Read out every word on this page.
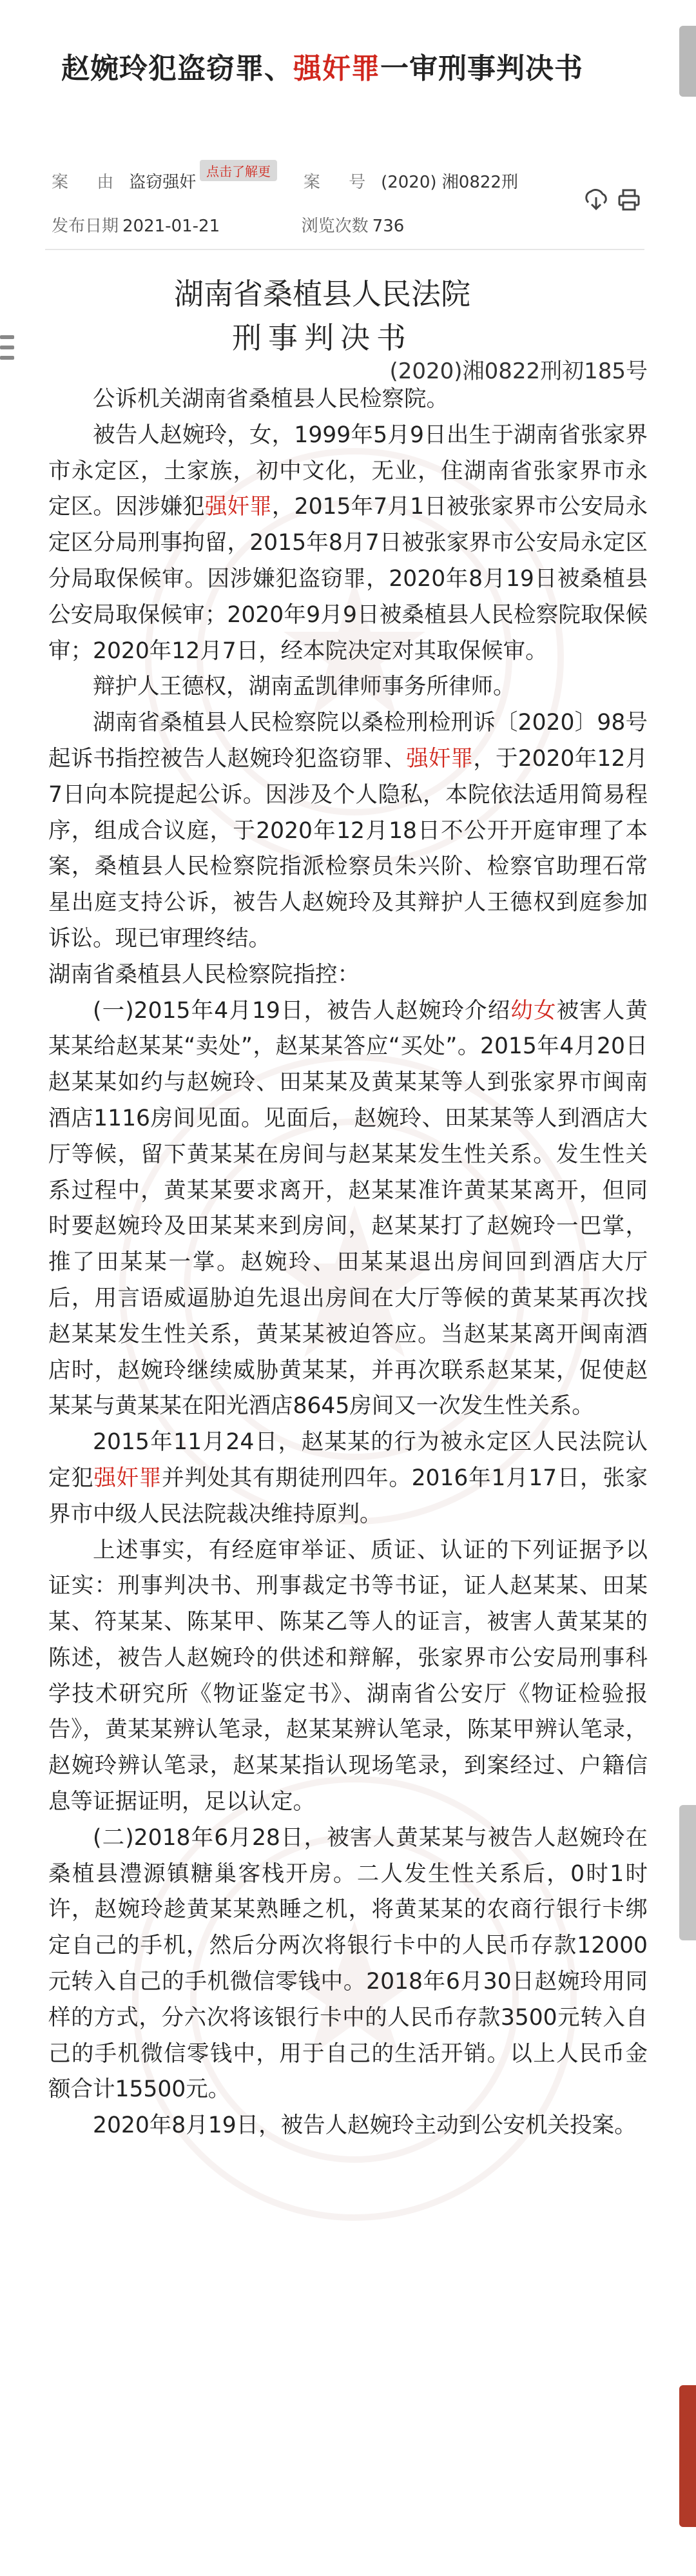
赵婉玲犯盗窃罪、强奸罪一审刑事判决书
案 由 盗窃强奸	案 号 (2020) 湘0822刑
点击了解更
发布日期 2021-01-21	浏览次数 736

湖南省桑植县人民法院
刑事判决书
(2020)湘0822刑初185号

公诉机关湖南省桑植县人民检察院。

被告人赵婉玲，女，1999年5月9日出生于湖南省张家界市永定区，土家族，初中文化，无业，住湖南省张家界市永定区。因涉嫌犯强奸罪，2015年7月1日被张家界市公安局永定区分局刑事拘留，2015年8月7日被张家界市公安局永定区分局取保候审。因涉嫌犯盗窃罪，2020年8月19日被桑植县公安局取保候审；2020年9月9日被桑植县人民检察院取保候审；2020年12月7日，经本院决定对其取保候审。

辩护人王德权，湖南孟凯律师事务所律师。

湖南省桑植县人民检察院以桑检刑检刑诉〔2020〕98号起诉书指控被告人赵婉玲犯盗窃罪、强奸罪，于2020年12月7日向本院提起公诉。因涉及个人隐私，本院依法适用简易程序，组成合议庭，于2020年12月18日不公开开庭审理了本案，桑植县人民检察院指派检察员朱兴阶、检察官助理石常星出庭支持公诉，被告人赵婉玲及其辩护人王德权到庭参加诉讼。现已审理终结。

湖南省桑植县人民检察院指控：

(一)2015年4月19日，被告人赵婉玲介绍幼女被害人黄某某给赵某某“卖处”，赵某某答应“买处”。2015年4月20日赵某某如约与赵婉玲、田某某及黄某某等人到张家界市闽南酒店1116房间见面。见面后，赵婉玲、田某某等人到酒店大厅等候，留下黄某某在房间与赵某某发生性关系。发生性关系过程中，黄某某要求离开，赵某某准许黄某某离开，但同时要赵婉玲及田某某来到房间，赵某某打了赵婉玲一巴掌，推了田某某一掌。赵婉玲、田某某退出房间回到酒店大厅后，用言语威逼胁迫先退出房间在大厅等候的黄某某再次找赵某某发生性关系，黄某某被迫答应。当赵某某离开闽南酒店时，赵婉玲继续威胁黄某某，并再次联系赵某某，促使赵某某与黄某某在阳光酒店8645房间又一次发生性关系。

2015年11月24日，赵某某的行为被永定区人民法院认定犯强奸罪并判处其有期徒刑四年。2016年1月17日，张家界市中级人民法院裁决维持原判。

上述事实，有经庭审举证、质证、认证的下列证据予以证实：刑事判决书、刑事裁定书等书证，证人赵某某、田某某、符某某、陈某甲、陈某乙等人的证言，被害人黄某某的陈述，被告人赵婉玲的供述和辩解，张家界市公安局刑事科学技术研究所《物证鉴定书》、湖南省公安厅《物证检验报告》，黄某某辨认笔录，赵某某辨认笔录，陈某甲辨认笔录，赵婉玲辨认笔录，赵某某指认现场笔录，到案经过、户籍信息等证据证明，足以认定。

(二)2018年6月28日，被害人黄某某与被告人赵婉玲在桑植县澧源镇糖巢客栈开房。二人发生性关系后，0时1时许，赵婉玲趁黄某某熟睡之机，将黄某某的农商行银行卡绑定自己的手机，然后分两次将银行卡中的人民币存款12000元转入自己的手机微信零钱中。2018年6月30日赵婉玲用同样的方式，分六次将该银行卡中的人民币存款3500元转入自己的手机微信零钱中，用于自己的生活开销。以上人民币金额合计15500元。

2020年8月19日，被告人赵婉玲主动到公安机关投案。
